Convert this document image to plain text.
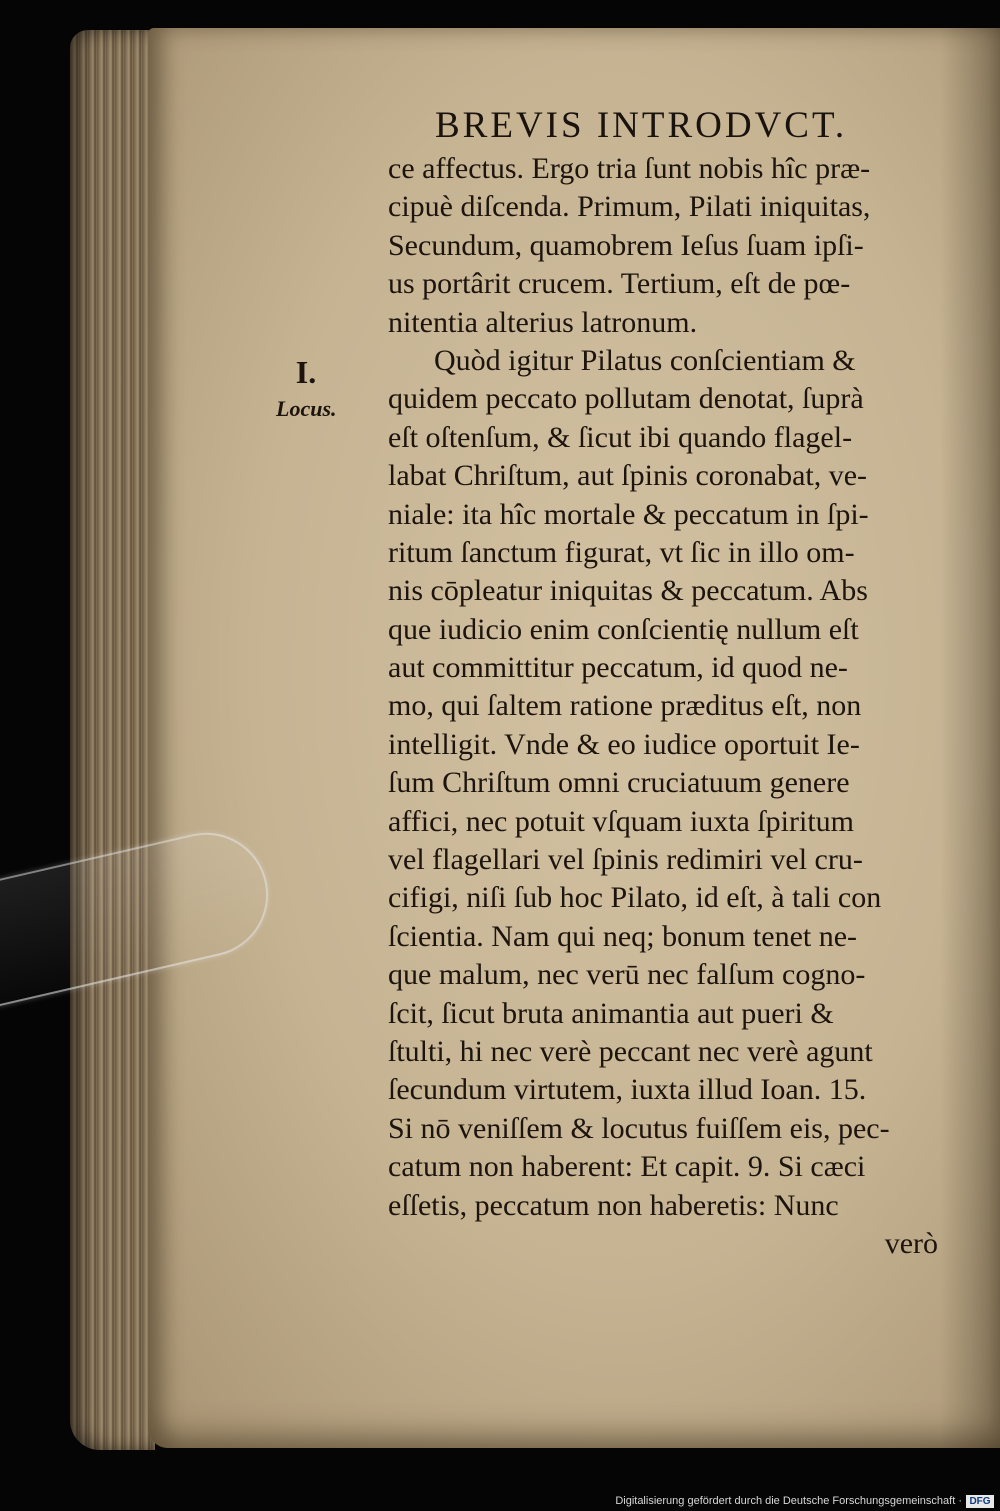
BREVIS INTRODVCT.
I.
Locus.
ce affectus. Ergo tria ſunt nobis hîc præ-
cipuè diſcenda. Primum, Pilati iniquitas,
Secundum, quamobrem Ieſus ſuam ipſi-
us portârit crucem. Tertium, eſt de pœ-
nitentia alterius latronum.
Quòd igitur Pilatus conſcientiam &
quidem peccato pollutam denotat, ſuprà
eſt oſtenſum, & ſicut ibi quando flagel-
labat Chriſtum, aut ſpinis coronabat, ve-
niale: ita hîc mortale & peccatum in ſpi-
ritum ſanctum figurat, vt ſic in illo om-
nis cōpleatur iniquitas & peccatum. Abs
que iudicio enim conſcientię nullum eſt
aut committitur peccatum, id quod ne-
mo, qui ſaltem ratione præditus eſt, non
intelligit. Vnde & eo iudice oportuit Ie-
ſum Chriſtum omni cruciatuum genere
affici, nec potuit vſquam iuxta ſpiritum
vel flagellari vel ſpinis redimiri vel cru-
cifigi, niſi ſub hoc Pilato, id eſt, à tali con
ſcientia. Nam qui neq; bonum tenet ne-
que malum, nec verū nec falſum cogno-
ſcit, ſicut bruta animantia aut pueri &
ſtulti, hi nec verè peccant nec verè agunt
ſecundum virtutem, iuxta illud Ioan. 15.
Si nō veniſſem & locutus fuiſſem eis, pec-
catum non haberent: Et capit. 9. Si cæci
eſſetis, peccatum non haberetis: Nunc
verò
Digitalisierung gefördert durch die Deutsche Forschungsgemeinschaft · DFG
